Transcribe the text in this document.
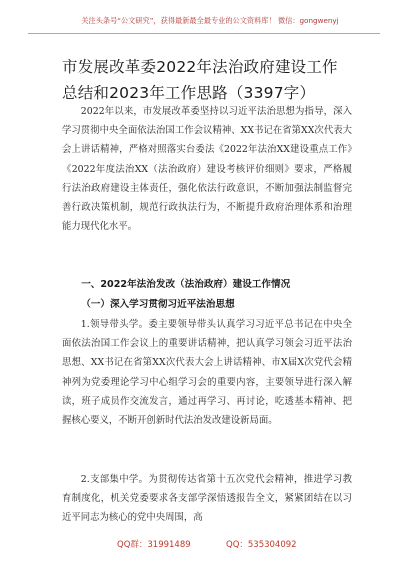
关注头条号“公文研究”，获得最新最全最专业的公文资料库！ 微信：gongwenyj
市发展改革委2022年法治政府建设工作总结和2023年工作思路（3397字）

2022年以来，市发展改革委坚持以习近平法治思想为指导，深入学习贯彻中央全面依法治国工作会议精神、XX书记在省第XX次代表大会上讲话精神，严格对照落实台委法《2022年法治XX建设重点工作》《2022年度法治XX（法治政府）建设考核评价细则》要求，严格履行法治政府建设主体责任，强化依法行政意识，不断加强法制监督完善行政决策机制，规范行政执法行为，不断提升政府治理体系和治理能力现代化水平。

一、2022年法治发改（法治政府）建设工作情况
（一）深入学习贯彻习近平法治思想

1.领导带头学。委主要领导带头认真学习习近平总书记在中央全面依法治国工作会议上的重要讲话精神，把认真学习领会习近平法治思想、XX书记在省第XX次代表大会上讲话精神、市X届X次党代会精神列为党委理论学习中心组学习会的重要内容，主要领导进行深入解读，班子成员作交流发言，通过再学习、再讨论，吃透基本精神、把握核心要义，不断开创新时代法治发改建设新局面。

2.支部集中学。为贯彻传达省第十五次党代会精神，推进学习教育制度化，机关党委要求各支部学深悟透报告全文，紧紧团结在以习近平同志为核心的党中央周围，高

QQ群：31991489	QQ：535304092
